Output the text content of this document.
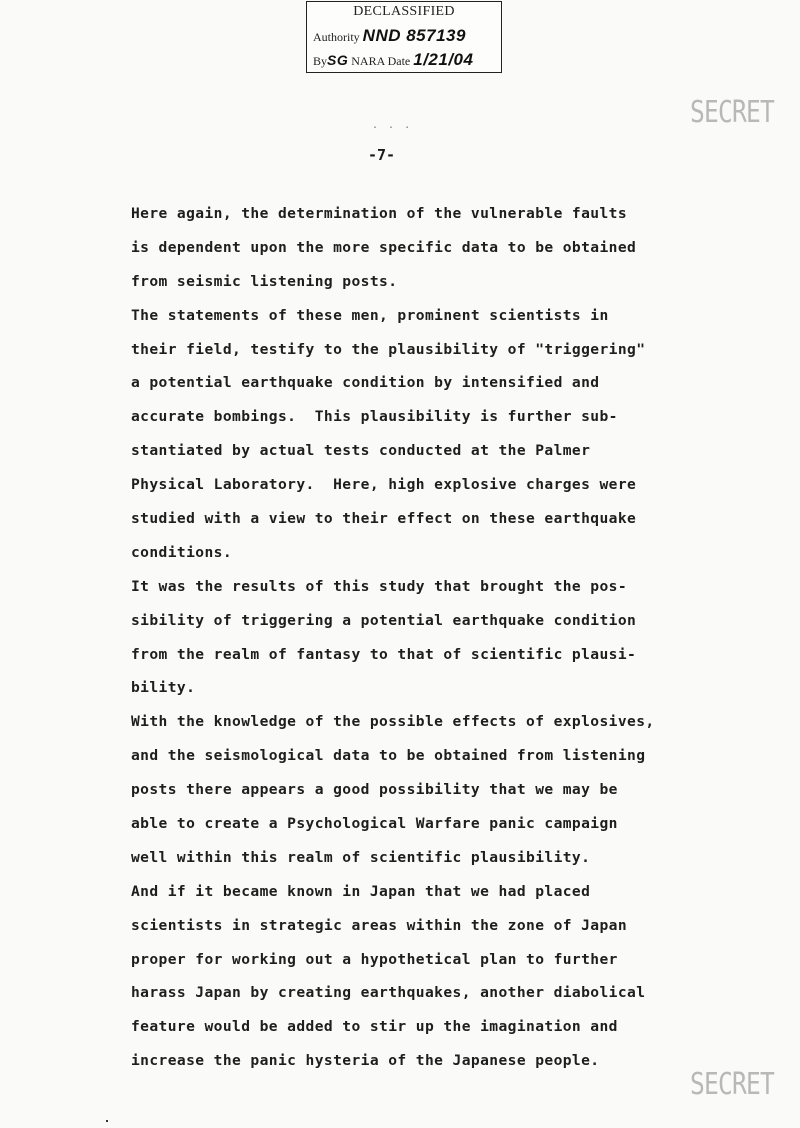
DECLASSIFIED
Authority NND 857139
BySG NARA Date 1/21/04
SECRET
. . .
-7-
Here again, the determination of the vulnerable faults
is dependent upon the more specific data to be obtained
from seismic listening posts.
The statements of these men, prominent scientists in
their field, testify to the plausibility of "triggering"
a potential earthquake condition by intensified and
accurate bombings.  This plausibility is further sub-
stantiated by actual tests conducted at the Palmer
Physical Laboratory.  Here, high explosive charges were
studied with a view to their effect on these earthquake
conditions.
It was the results of this study that brought the pos-
sibility of triggering a potential earthquake condition
from the realm of fantasy to that of scientific plausi-
bility.
With the knowledge of the possible effects of explosives,
and the seismological data to be obtained from listening
posts there appears a good possibility that we may be
able to create a Psychological Warfare panic campaign
well within this realm of scientific plausibility.
And if it became known in Japan that we had placed
scientists in strategic areas within the zone of Japan
proper for working out a hypothetical plan to further
harass Japan by creating earthquakes, another diabolical
feature would be added to stir up the imagination and
increase the panic hysteria of the Japanese people.
SECRET
